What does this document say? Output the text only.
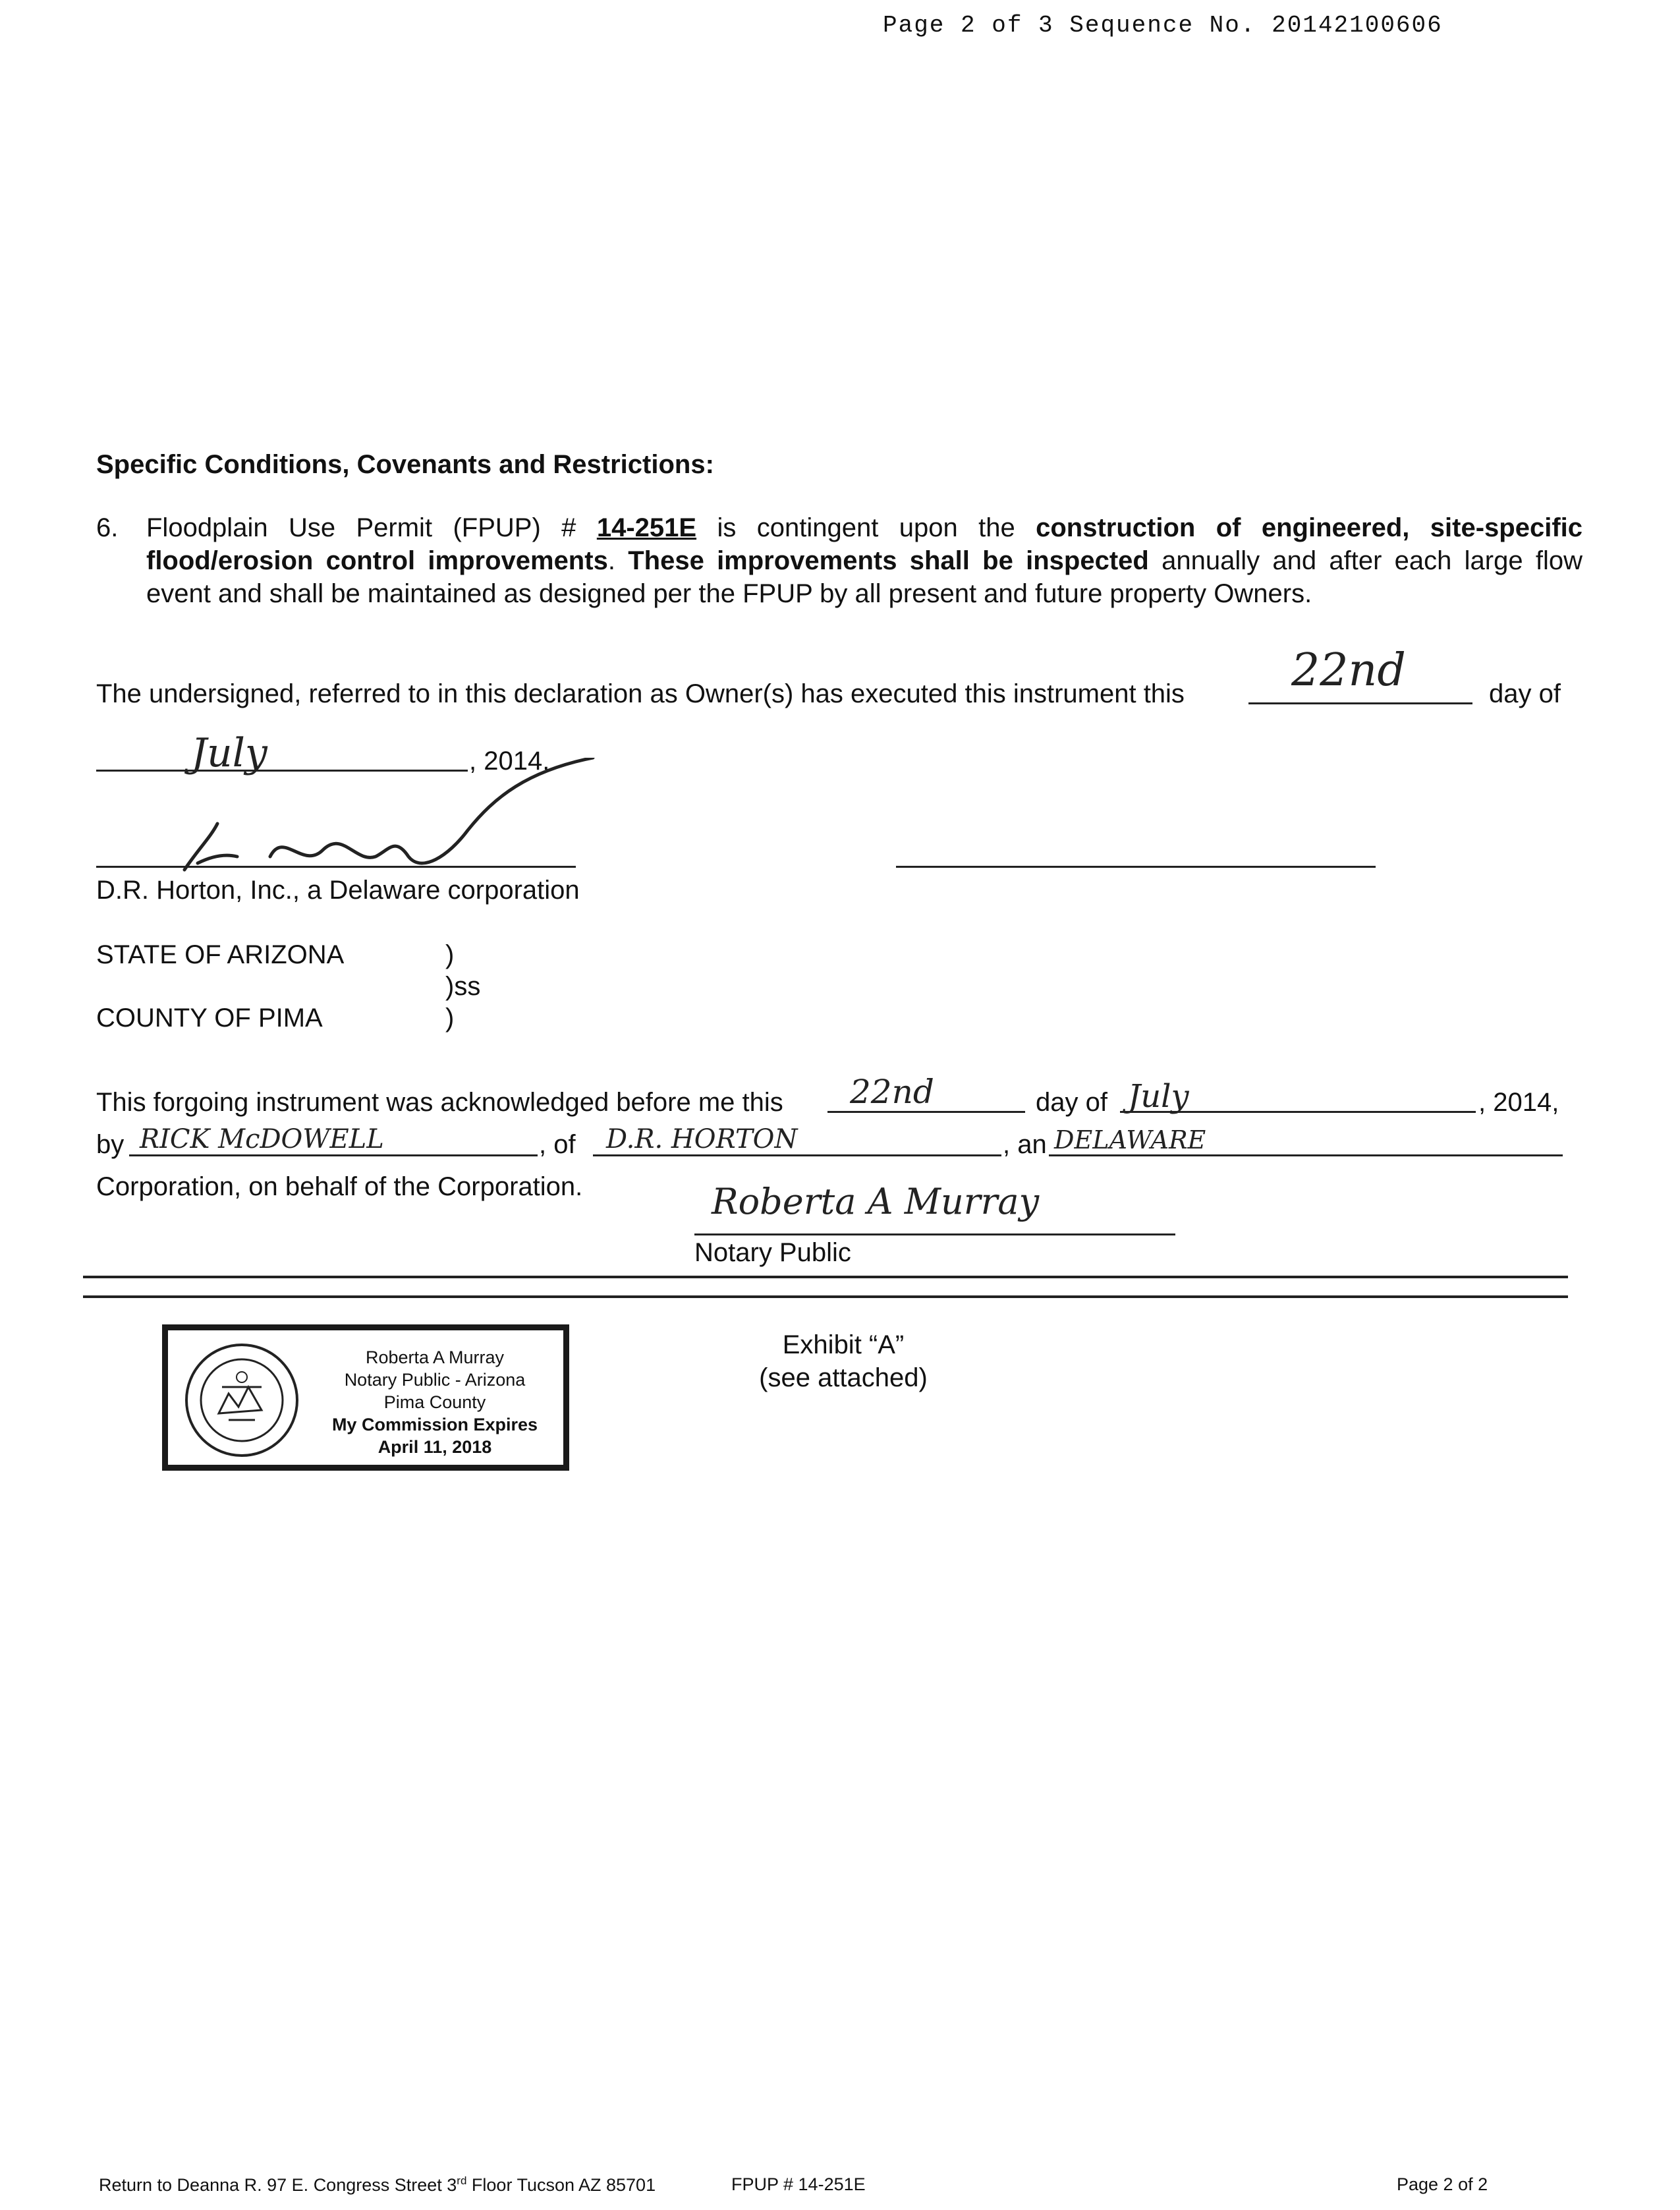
Page 2 of 3 Sequence No. 20142100606
Specific Conditions, Covenants and Restrictions:
6. Floodplain Use Permit (FPUP) # 14-251E is contingent upon the construction of engineered, site-specific flood/erosion control improvements. These improvements shall be inspected annually and after each large flow event and shall be maintained as designed per the FPUP by all present and future property Owners.
The undersigned, referred to in this declaration as Owner(s) has executed this instrument this 22nd	day of
July	, 2014.
D.R. Horton, Inc., a Delaware corporation
STATE OF ARIZONA	)
)ss
COUNTY OF PIMA	)
This forgoing instrument was acknowledged before me this 22nd	day of July	, 2014,
by RICK McDOWELL	, of D.R. HORTON	, an DELAWARE
Corporation, on behalf of the Corporation.	Roberta A Murray
Notary Public
Roberta A Murray
Notary Public - Arizona
Pima County
My Commission Expires
April 11, 2018
Exhibit “A”
(see attached)
Return to Deanna R. 97 E. Congress Street 3rd Floor Tucson AZ 85701	FPUP # 14-251E	Page 2 of 2
